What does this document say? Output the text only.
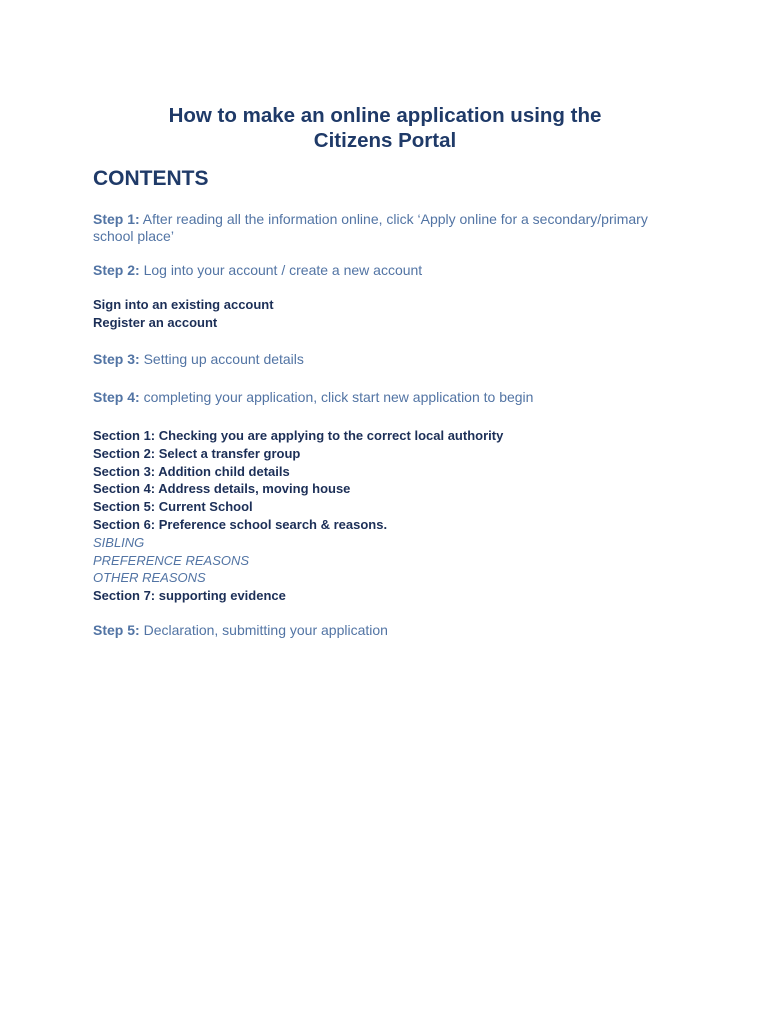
How to make an online application using the
Citizens Portal
CONTENTS

Step 1: After reading all the information online, click ‘Apply online for a secondary/primary school place’

Step 2: Log into your account / create a new account

Sign into an existing account
Register an account

Step 3: Setting up account details

Step 4: completing your application, click start new application to begin

Section 1: Checking you are applying to the correct local authority
Section 2: Select a transfer group
Section 3: Addition child details
Section 4: Address details, moving house
Section 5: Current School
Section 6: Preference school search & reasons.
SIBLING
PREFERENCE REASONS
OTHER REASONS
Section 7: supporting evidence

Step 5: Declaration, submitting your application
